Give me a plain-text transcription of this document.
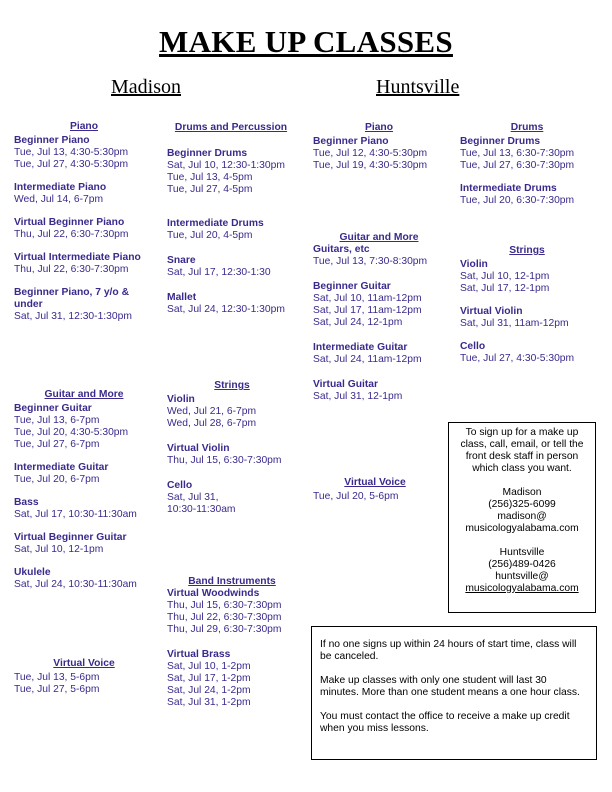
MAKE UP CLASSES
Madison	Huntsville
Piano
Beginner Piano
Tue, Jul 13, 4:30-5:30pm
Tue, Jul 27, 4:30-5:30pm
Intermediate Piano
Wed, Jul 14, 6-7pm
Virtual Beginner Piano
Thu, Jul 22, 6:30-7:30pm
Virtual Intermediate Piano
Thu, Jul 22, 6:30-7:30pm
Beginner Piano, 7 y/o & under
Sat, Jul 31, 12:30-1:30pm
Drums and Percussion
Beginner Drums
Sat, Jul 10, 12:30-1:30pm
Tue, Jul 13, 4-5pm
Tue, Jul 27, 4-5pm
Intermediate Drums
Tue, Jul 20, 4-5pm
Snare
Sat, Jul 17, 12:30-1:30
Mallet
Sat, Jul 24, 12:30-1:30pm
Guitar and More
Beginner Guitar
Tue, Jul 13, 6-7pm
Tue, Jul 20, 4:30-5:30pm
Tue, Jul 27, 6-7pm
Intermediate Guitar
Tue, Jul 20, 6-7pm
Bass
Sat, Jul 17, 10:30-11:30am
Virtual Beginner Guitar
Sat, Jul 10, 12-1pm
Ukulele
Sat, Jul 24, 10:30-11:30am
Strings
Violin
Wed, Jul 21, 6-7pm
Wed, Jul 28, 6-7pm
Virtual Violin
Thu, Jul 15, 6:30-7:30pm
Cello
Sat, Jul 31,
10:30-11:30am
Band Instruments
Virtual Woodwinds
Thu, Jul 15, 6:30-7:30pm
Thu, Jul 22, 6:30-7:30pm
Thu, Jul 29, 6:30-7:30pm
Virtual Brass
Sat, Jul 10, 1-2pm
Sat, Jul 17, 1-2pm
Sat, Jul 24, 1-2pm
Sat, Jul 31, 1-2pm
Virtual Voice
Tue, Jul 13, 5-6pm
Tue, Jul 27, 5-6pm
Piano
Beginner Piano
Tue, Jul 12, 4:30-5:30pm
Tue, Jul 19, 4:30-5:30pm
Guitar and More
Guitars, etc
Tue, Jul 13, 7:30-8:30pm
Beginner Guitar
Sat, Jul 10, 11am-12pm
Sat, Jul 17, 11am-12pm
Sat, Jul 24, 12-1pm
Intermediate Guitar
Sat, Jul 24, 11am-12pm
Virtual Guitar
Sat, Jul 31, 12-1pm
Virtual Voice
Tue, Jul 20, 5-6pm
Drums
Beginner Drums
Tue, Jul 13, 6:30-7:30pm
Tue, Jul 27, 6:30-7:30pm
Intermediate Drums
Tue, Jul 20, 6:30-7:30pm
Strings
Violin
Sat, Jul 10, 12-1pm
Sat, Jul 17, 12-1pm
Virtual Violin
Sat, Jul 31, 11am-12pm
Cello
Tue, Jul 27, 4:30-5:30pm

To sign up for a make up class, call, email, or tell the front desk staff in person which class you want.

Madison
(256)325-6099
madison@
musicologyalabama.com

Huntsville
(256)489-0426
huntsville@
musicologyalabama.com

If no one signs up within 24 hours of start time, class will be canceled.

Make up classes with only one student will last 30 minutes. More than one student means a one hour class.

You must contact the office to receive a make up credit when you miss lessons.
